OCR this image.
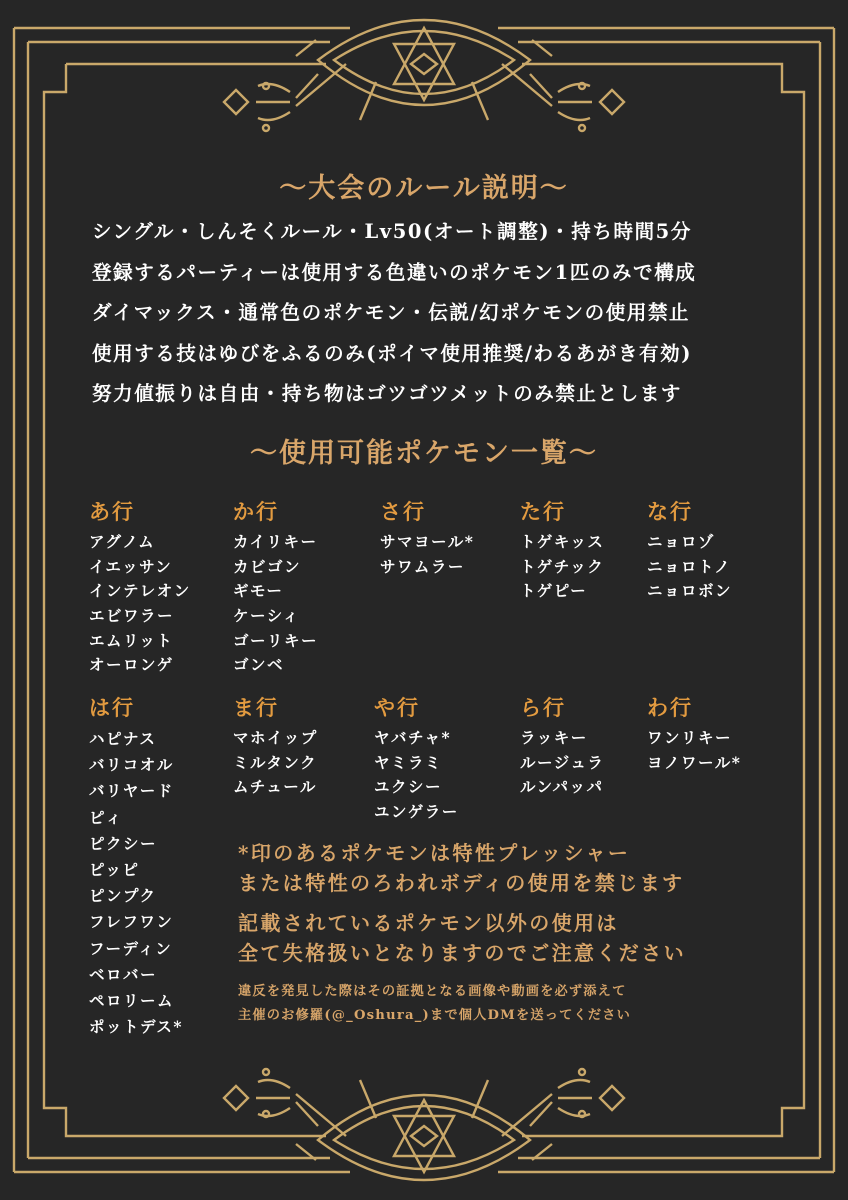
～大会のルール説明～
シングル・しんそくルール・Lv50(オート調整)・持ち時間5分
登録するパーティーは使用する色違いのポケモン1匹のみで構成
ダイマックス・通常色のポケモン・伝説/幻ポケモンの使用禁止
使用する技はゆびをふるのみ(ポイマ使用推奨/わるあがき有効)
努力値振りは自由・持ち物はゴツゴツメットのみ禁止とします
～使用可能ポケモン一覧～
あ行
アグノム
イエッサン
インテレオン
エビワラー
エムリット
オーロンゲ
か行
カイリキー
カビゴン
ギモー
ケーシィ
ゴーリキー
ゴンベ
さ行
サマヨール*
サワムラー
た行
トゲキッス
トゲチック
トゲピー
な行
ニョロゾ
ニョロトノ
ニョロボン
は行
ハピナス
バリコオル
バリヤード
ピィ
ピクシー
ピッピ
ピンプク
フレフワン
フーディン
ベロバー
ペロリーム
ポットデス*
ま行
マホイップ
ミルタンク
ムチュール
や行
ヤバチャ*
ヤミラミ
ユクシー
ユンゲラー
ら行
ラッキー
ルージュラ
ルンパッパ
わ行
ワンリキー
ヨノワール*
*印のあるポケモンは特性プレッシャー
または特性のろわれボディの使用を禁じます
記載されているポケモン以外の使用は
全て失格扱いとなりますのでご注意ください
違反を発見した際はその証拠となる画像や動画を必ず添えて
主催のお修羅(@_Oshura_)まで個人DMを送ってください
